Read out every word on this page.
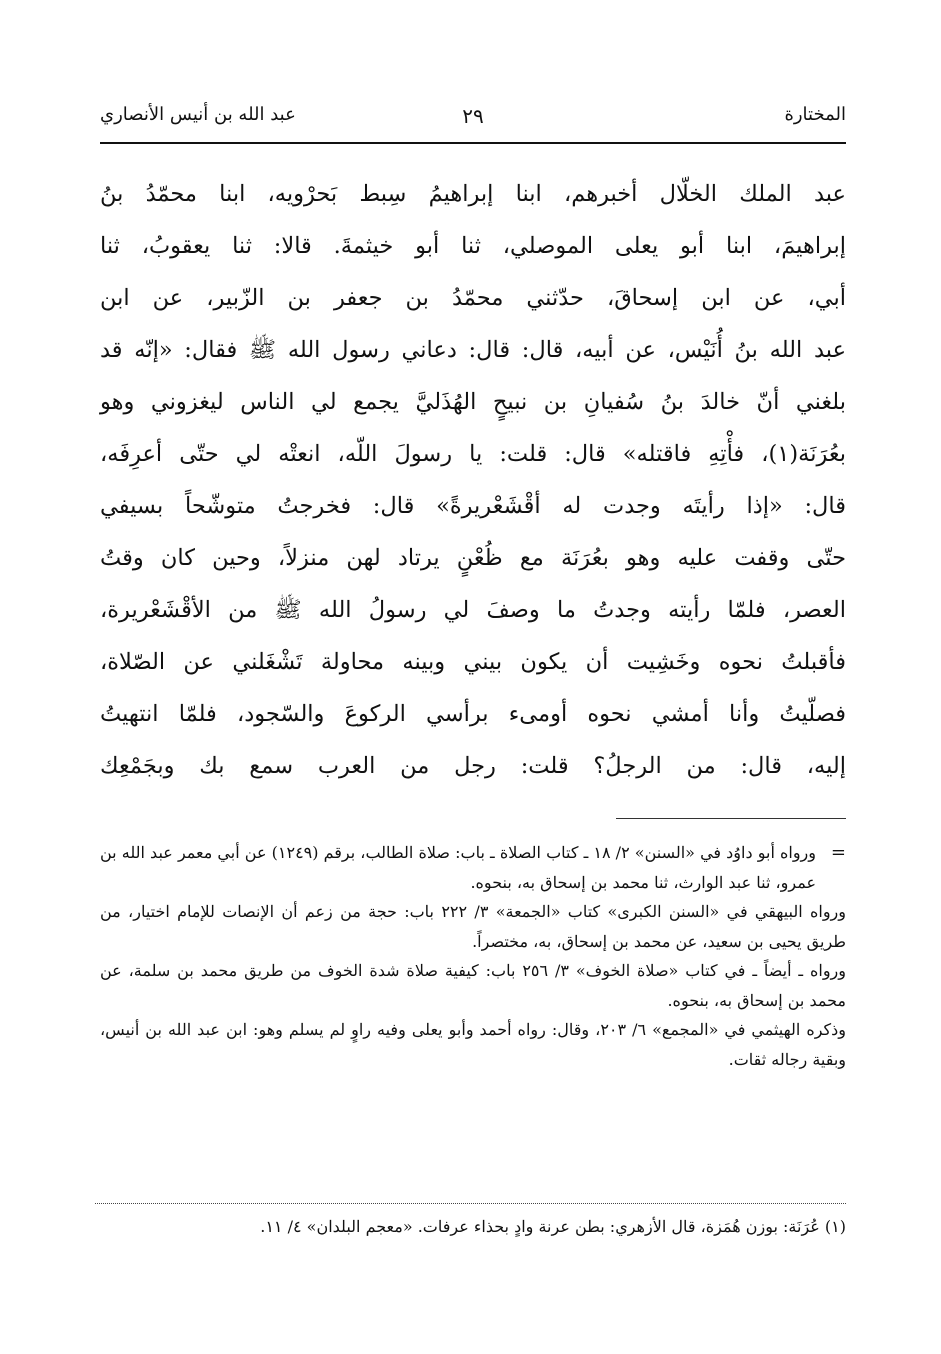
المختارة
٢٩
عبد الله بن أنيس الأنصاري

عبد الملك الخلّال أخبرهم، ابنا إبراهيمُ سِبط بَحرْويه، ابنا محمّدُ بنُ

إبراهيمَ، ابنا أبو يعلى الموصلي، ثنا أبو خيثمةَ. قالا: ثنا يعقوبُ، ثنا

أبي، عن ابن إسحاقَ، حدّثني محمّدُ بن جعفر بن الزّبير، عن ابن

عبد الله بنُ أُنَيْس، عن أبيه، قال: قال: دعاني رسول الله ﷺ فقال: «إنّه قد

بلغني أنّ خالدَ بنُ سُفيانِ بن نبيحٍ الهُذَليَّ يجمع لي الناس ليغزوني وهو

بعُرَنَة(١)، فأْتِهِ فاقتله» قال: قلت: يا رسولَ اللّه، انعتْه لي حتّى أعرِفَه،

قال: «إذا رأيتَه وجدت له أقْشَعْريرةً» قال: فخرجتُ متوشّحاً بسيفي

حتّى وقفت عليه وهو بعُرَنَة مع ظُعْنٍ يرتاد لهن منزلاً، وحين كان وقتُ

العصر، فلمّا رأيته وجدتُ ما وصفَ لي رسولُ الله ﷺ من الأقْشَعْريرة،

فأقبلتُ نحوه وخَشِيت أن يكون بيني وبينه محاولة تَشْغَلني عن الصّلاة،

فصلّيتُ وأنا أمشي نحوه أومىء برأسي الركوعَ والسّجود، فلمّا انتهيتُ

إليه، قال: من الرجلُ؟ قلت: رجل من العرب سمع بك وبجَمْعِك

=
ورواه أبو داوُد في «السنن» ٢/ ١٨ ـ كتاب الصلاة ـ باب: صلاة الطالب، برقم (١٢٤٩) عن أبي معمر عبد الله بن عمرو، ثنا عبد الوارث، ثنا محمد بن إسحاق به، بنحوه.

ورواه البيهقي في «السنن الكبرى» كتاب «الجمعة» ٣/ ٢٢٢ باب: حجة من زعم أن الإنصات للإمام اختيار، من طريق يحيى بن سعيد، عن محمد بن إسحاق، به، مختصراً.

ورواه ـ أيضاً ـ في كتاب «صلاة الخوف» ٣/ ٢٥٦ باب: كيفية صلاة شدة الخوف من طريق محمد بن سلمة، عن محمد بن إسحاق به، بنحوه.

وذكره الهيثمي في «المجمع» ٦/ ٢٠٣، وقال: رواه أحمد وأبو يعلى وفيه راوٍ لم يسلم وهو: ابن عبد الله بن أنيس، وبقية رجاله ثقات.

(١) عُرَنَة: بوزن هُمَزة، قال الأزهري: بطن عرنة وادٍ بحذاء عرفات. «معجم البلدان» ٤/ ١١.
